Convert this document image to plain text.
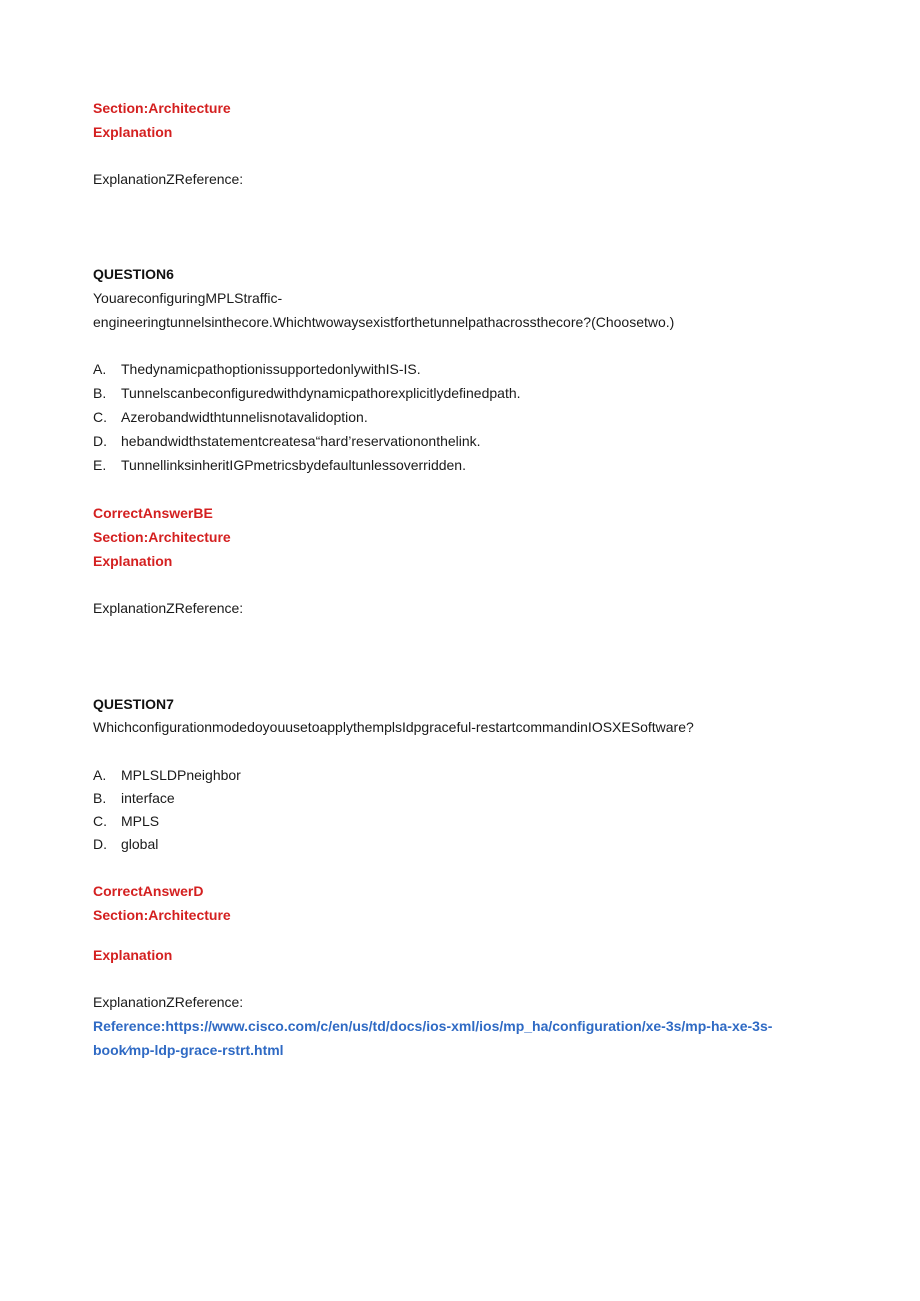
Section:Architecture
Explanation
ExplanationZReference:
QUESTION6
YouareconfiguringMPLStraffic-
engineeringtunnelsinthecore.Whichtwowaysexistforthetunnelpathacrossthecore?(Choosetwo.)
A. ThedynamicpathoptionissupportedonlywithIS-IS.
B. Tunnelscanbeconfiguredwithdynamicpathorexplicitlydefinedpath.
C. Azerobandwidthtunnelisnotavalidoption.
D. hebandwidthstatementcreatesa“hard’reservationonthelink.
E. TunnellinksinheritIGPmetricsbydefaultunlessoverridden.
CorrectAnswerBE
Section:Architecture
Explanation
ExplanationZReference:
QUESTION7
WhichconfigurationmodedoyouusetoapplythemplsIdpgraceful-restartcommandinIOSXESoftware?
A. MPLSLDPneighbor
B. interface
C. MPLS
D. global
CorrectAnswerD
Section:Architecture
Explanation
ExplanationZReference:
Reference:https://www.cisco.com/c/en/us/td/docs/ios-xml/ios/mp_ha/configuration/xe-3s/mp-ha-xe-3s-
book⁄mp-ldp-grace-rstrt.html
